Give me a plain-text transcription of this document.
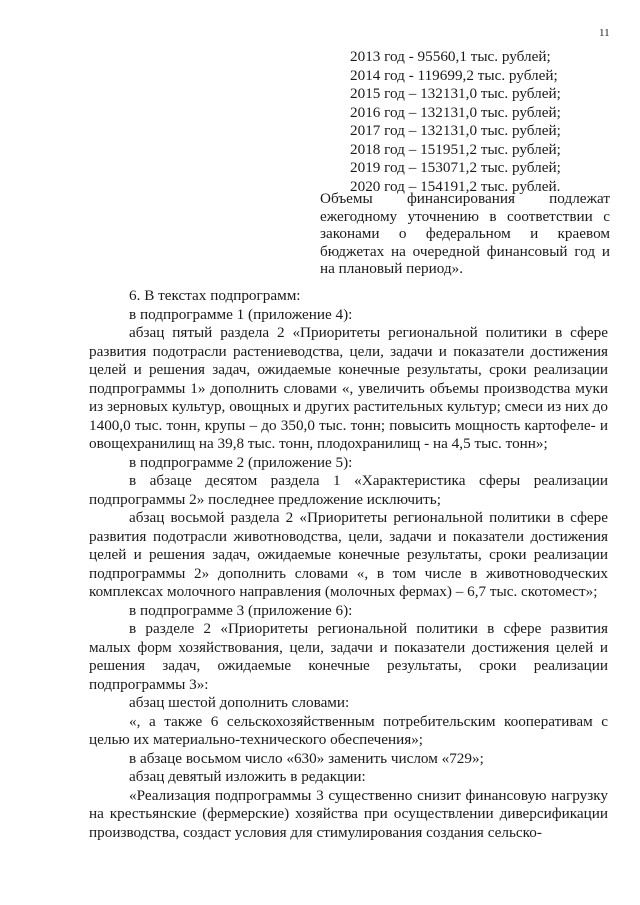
11
2013 год - 95560,1 тыс. рублей;
2014 год - 119699,2 тыс. рублей;
2015 год – 132131,0 тыс. рублей;
2016 год – 132131,0 тыс. рублей;
2017 год – 132131,0 тыс. рублей;
2018 год – 151951,2 тыс. рублей;
2019 год – 153071,2 тыс. рублей;
2020 год – 154191,2 тыс. рублей.
Объемы финансирования подлежат ежегодному уточнению в соответствии с законами о федеральном и краевом бюджетах на очередной финансовый год и на плановый период».

6. В текстах подпрограмм:

в подпрограмме 1 (приложение 4):

абзац пятый раздела 2 «Приоритеты региональной политики в сфере развития подотрасли растениеводства, цели, задачи и показатели достижения целей и решения задач, ожидаемые конечные результаты, сроки реализации подпрограммы 1» дополнить словами «, увеличить объемы производства муки из зерновых культур, овощных и других растительных культур; смеси из них до 1400,0 тыс. тонн, крупы – до 350,0 тыс. тонн; повысить мощность картофеле- и овощехранилищ на 39,8 тыс. тонн, плодохранилищ - на 4,5 тыс. тонн»;

в подпрограмме 2 (приложение 5):

в абзаце десятом раздела 1 «Характеристика сферы реализации подпрограммы 2» последнее предложение исключить;

абзац восьмой раздела 2 «Приоритеты региональной политики в сфере развития подотрасли животноводства, цели, задачи и показатели достижения целей и решения задач, ожидаемые конечные результаты, сроки реализации подпрограммы 2» дополнить словами «, в том числе в животноводческих комплексах молочного направления (молочных фермах) – 6,7 тыс. скотомест»;

в подпрограмме 3 (приложение 6):

в разделе 2 «Приоритеты региональной политики в сфере развития малых форм хозяйствования, цели, задачи и показатели достижения целей и решения задач, ожидаемые конечные результаты, сроки реализации подпрограммы 3»:

абзац шестой дополнить словами:

«, а также 6 сельскохозяйственным потребительским кооперативам с целью их материально-технического обеспечения»;

в абзаце восьмом число «630» заменить числом «729»;

абзац девятый изложить в редакции:

«Реализация подпрограммы 3 существенно снизит финансовую нагрузку на крестьянские (фермерские) хозяйства при осуществлении диверсификации производства, создаст условия для стимулирования создания сельско-
